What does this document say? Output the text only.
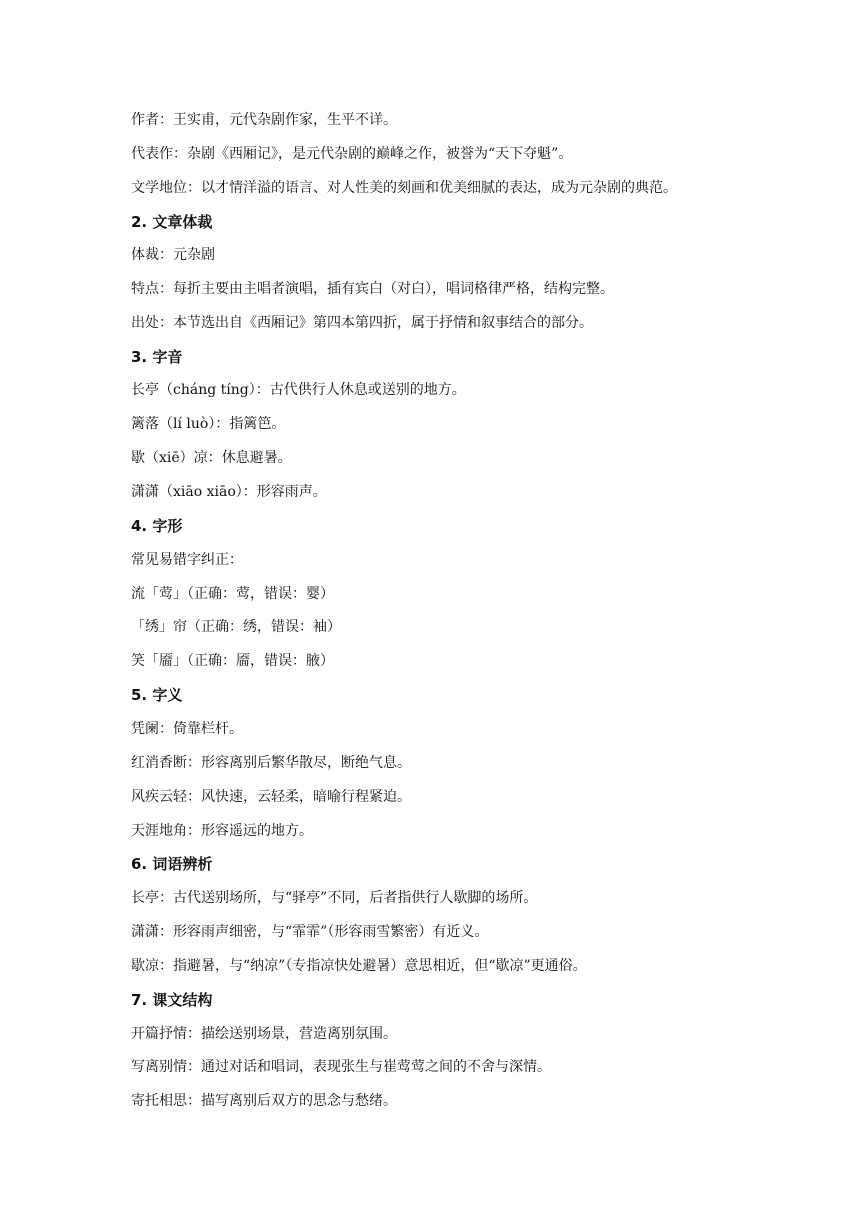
作者：王实甫，元代杂剧作家，生平不详。

代表作：杂剧《西厢记》，是元代杂剧的巅峰之作，被誉为“天下夺魁”。

文学地位：以才情洋溢的语言、对人性美的刻画和优美细腻的表达，成为元杂剧的典范。

2. 文章体裁

体裁：元杂剧

特点：每折主要由主唱者演唱，插有宾白（对白），唱词格律严格，结构完整。

出处：本节选出自《西厢记》第四本第四折，属于抒情和叙事结合的部分。

3. 字音

长亭（cháng tíng）：古代供行人休息或送别的地方。

篱落（lí luò）：指篱笆。

歇（xiē）凉：休息避暑。

潇潇（xiāo xiāo）：形容雨声。

4. 字形

常见易错字纠正：

流「莺」（正确：莺，错误：婴）

「绣」帘（正确：绣，错误：袖）

笑「靥」（正确：靥，错误：腋）

5. 字义

凭阑：倚靠栏杆。

红消香断：形容离别后繁华散尽，断绝气息。

风疾云轻：风快速，云轻柔，暗喻行程紧迫。

天涯地角：形容遥远的地方。

6. 词语辨析

长亭：古代送别场所，与“驿亭”不同，后者指供行人歇脚的场所。

潇潇：形容雨声细密，与“霏霏”（形容雨雪繁密）有近义。

歇凉：指避暑，与“纳凉”（专指凉快处避暑）意思相近，但“歇凉”更通俗。

7. 课文结构

开篇抒情：描绘送别场景，营造离别氛围。

写离别情：通过对话和唱词，表现张生与崔莺莺之间的不舍与深情。

寄托相思：描写离别后双方的思念与愁绪。
